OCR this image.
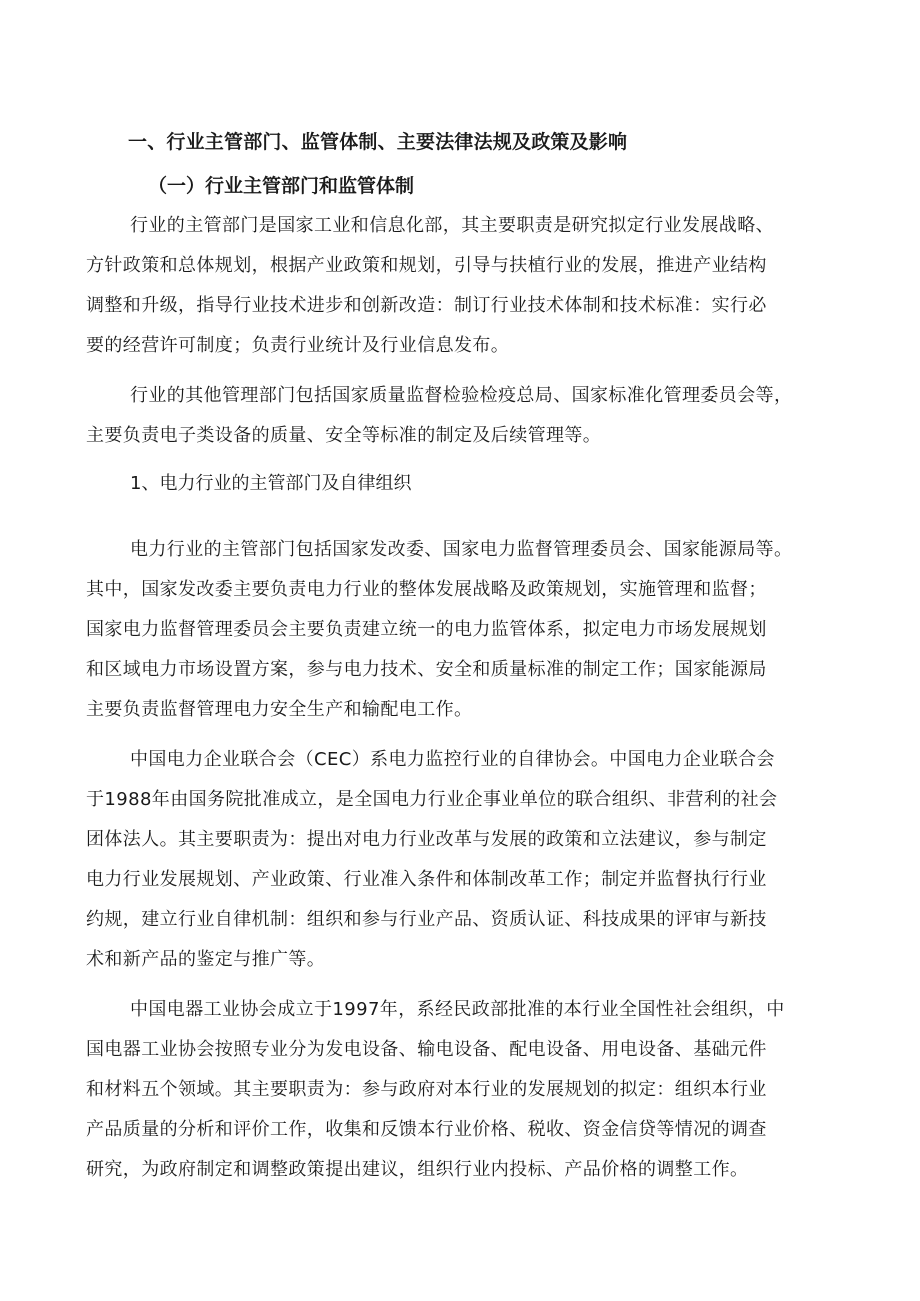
一、行业主管部门、监管体制、主要法律法规及政策及影响
（一）行业主管部门和监管体制
行业的主管部门是国家工业和信息化部，其主要职责是研究拟定行业发展战略、
方针政策和总体规划，根据产业政策和规划，引导与扶植行业的发展，推进产业结构
调整和升级，指导行业技术进步和创新改造：制订行业技术体制和技术标准：实行必
要的经营许可制度；负责行业统计及行业信息发布。
行业的其他管理部门包括国家质量监督检验检疫总局、国家标准化管理委员会等，
主要负责电子类设备的质量、安全等标准的制定及后续管理等。
1、电力行业的主管部门及自律组织
电力行业的主管部门包括国家发改委、国家电力监督管理委员会、国家能源局等。
其中，国家发改委主要负责电力行业的整体发展战略及政策规划，实施管理和监督；
国家电力监督管理委员会主要负责建立统一的电力监管体系，拟定电力市场发展规划
和区域电力市场设置方案，参与电力技术、安全和质量标准的制定工作；国家能源局
主要负责监督管理电力安全生产和输配电工作。
中国电力企业联合会（CEC）系电力监控行业的自律协会。中国电力企业联合会
于1988年由国务院批准成立，是全国电力行业企事业单位的联合组织、非营利的社会
团体法人。其主要职责为：提出对电力行业改革与发展的政策和立法建议，参与制定
电力行业发展规划、产业政策、行业准入条件和体制改革工作；制定并监督执行行业
约规，建立行业自律机制：组织和参与行业产品、资质认证、科技成果的评审与新技
术和新产品的鉴定与推广等。
中国电器工业协会成立于1997年，系经民政部批准的本行业全国性社会组织，中
国电器工业协会按照专业分为发电设备、输电设备、配电设备、用电设备、基础元件
和材料五个领域。其主要职责为：参与政府对本行业的发展规划的拟定：组织本行业
产品质量的分析和评价工作，收集和反馈本行业价格、税收、资金信贷等情况的调查
研究，为政府制定和调整政策提出建议，组织行业内投标、产品价格的调整工作。
